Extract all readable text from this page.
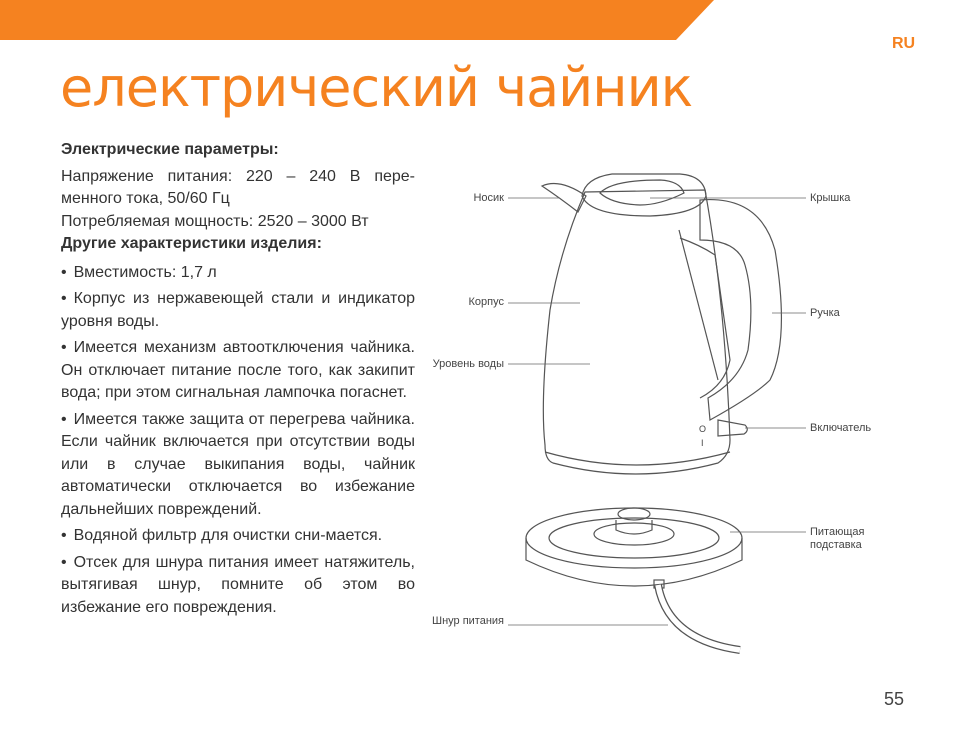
RU
електрический чайник
Электрические параметры:

Напряжение питания: 220 – 240 В пере-менного тока, 50/60 Гц

Потребляемая мощность: 2520 – 3000 Вт

Другие характеристики изделия:
• Вместимость: 1,7 л
• Корпус из нержавеющей стали и индикатор уровня воды.
• Имеется механизм автоотключения чайника. Он отключает питание после того, как закипит вода; при этом сигнальная лампочка погаснет.
• Имеется также защита от перегрева чайника. Если чайник включается при отсутствии воды или в случае выкипания воды, чайник автоматически отключается во избежание дальнейших повреждений.
• Водяной фильтр для очистки сни-мается.
• Отсек для шнура питания имеет натяжитель, вытягивая шнур, помните об этом во избежание его повреждения.
O
I
Носик
Корпус
Уровень воды
Шнур питания
Крышка
Ручка
Включатель
Питающая подставка
55
